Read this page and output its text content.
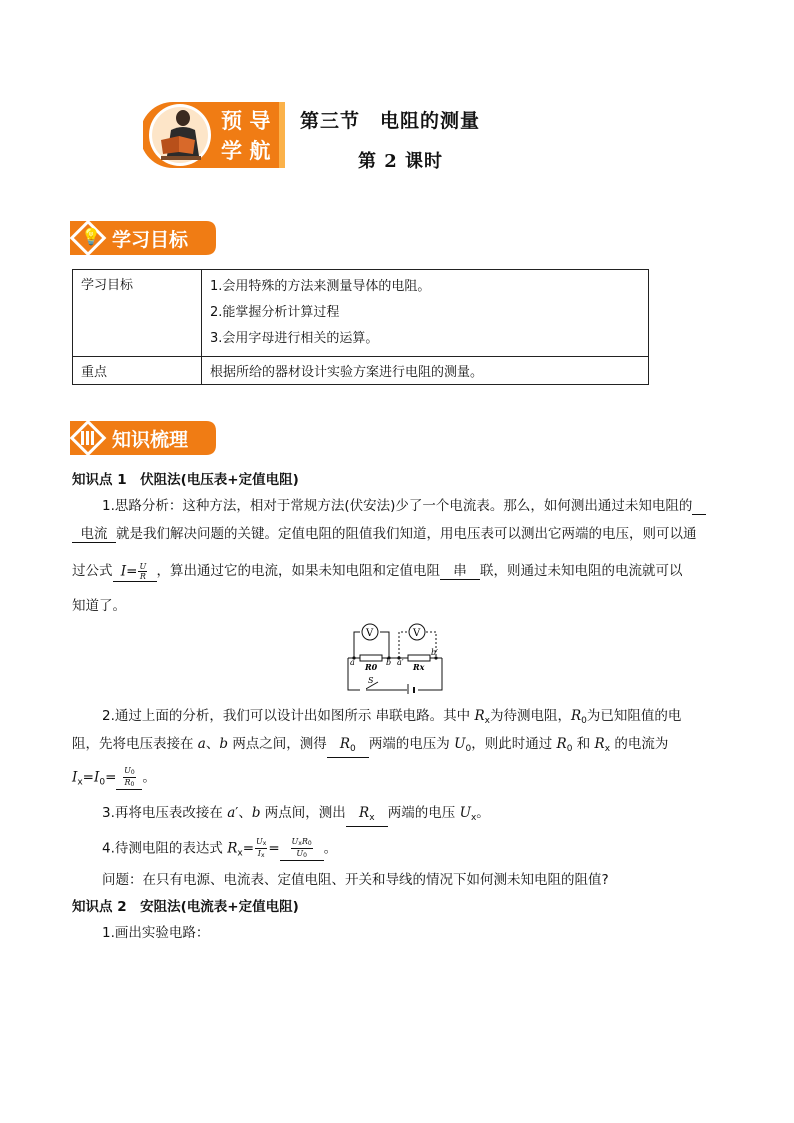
预 导
学 航
第三节　电阻的测量
第 2 课时
💡 学习目标
学习目标	1.会用特殊的方法来测量导体的电阻。
2.能掌握分析计算过程
3.会用字母进行相关的运算。

重点	根据所给的器材设计实验方案进行电阻的测量。
知识梳理
知识点 1　伏阻法(电压表+定值电阻)
1.思路分析：这种方法，相对于常规方法(伏安法)少了一个电流表。那么，如何测出通过未知电阻的
电流 就是我们解决问题的关键。定值电阻的阻值我们知道，用电压表可以测出它两端的电压，则可以通
过公式 $I= \frac{U}{R}$ ，算出通过它的电流，如果未知电阻和定值电阻 串 联，则通过未知电阻的电流就可以
知道了。
S
V	V
a	b a′
b′
R0	Rx
2.通过上面的分析，我们可以设计出如图所示 串联电路。其中 $R_x$为待测电阻，$R_0$为已知阻值的电
阻，先将电压表接在 a、b 两点之间，测得 $R_0$ 两端的电压为 $U_0$，则此时通过 $R_0$ 和 $R_x$ 的电流为
$I_x=I_0= \frac{U_0}{R_0}$ 。
3.再将电压表改接在 a′、b 两点间，测出 $R_x$ 两端的电压 $U_x$。
4.待测电阻的表达式 $R_x= \frac{U_x}{I_x} = \frac{U_xR_0}{U_0}$ 。
问题：在只有电源、电流表、定值电阻、开关和导线的情况下如何测未知电阻的阻值?
知识点 2　安阻法(电流表+定值电阻)
1.画出实验电路：
